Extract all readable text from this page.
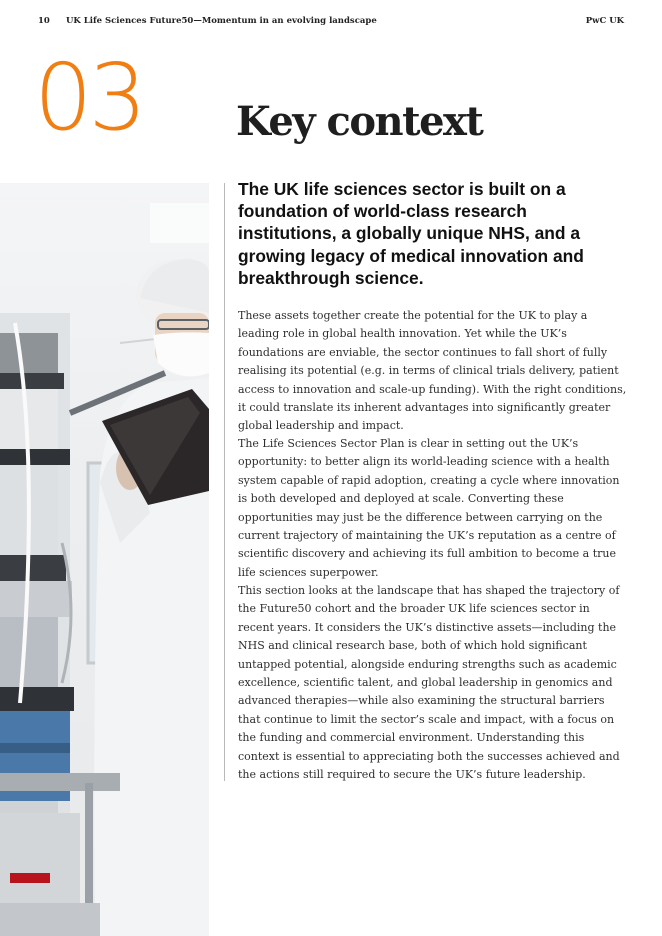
10 UK Life Sciences Future50—Momentum in an evolving landscape	PwC UK
03 Key context

The UK life sciences sector is built on a foundation of world-class research institutions, a globally unique NHS, and a growing legacy of medical innovation and breakthrough science.

These assets together create the potential for the UK to play a leading role in global health innovation. Yet while the UK’s foundations are enviable, the sector continues to fall short of fully realising its potential (e.g. in terms of clinical trials delivery, patient access to innovation and scale-up funding). With the right conditions, it could translate its inherent advantages into significantly greater global leadership and impact.

The Life Sciences Sector Plan is clear in setting out the UK’s opportunity: to better align its world-leading science with a health system capable of rapid adoption, creating a cycle where innovation is both developed and deployed at scale. Converting these opportunities may just be the difference between carrying on the current trajectory of maintaining the UK’s reputation as a centre of scientific discovery and achieving its full ambition to become a true life sciences superpower.

This section looks at the landscape that has shaped the trajectory of the Future50 cohort and the broader UK life sciences sector in recent years. It considers the UK’s distinctive assets—including the NHS and clinical research base, both of which hold significant untapped potential, alongside enduring strengths such as academic excellence, scientific talent, and global leadership in genomics and advanced therapies—while also examining the structural barriers that continue to limit the sector’s scale and impact, with a focus on the funding and commercial environment. Understanding this context is essential to appreciating both the successes achieved and the actions still required to secure the UK’s future leadership.
